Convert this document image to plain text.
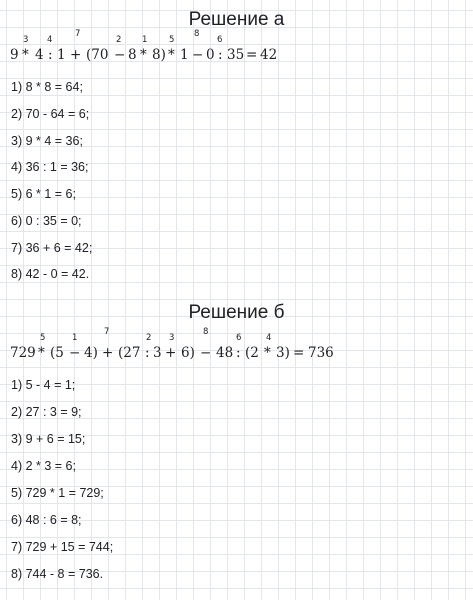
Решение а
9 * 4 : 1 + (70 − 8 * 8) * 1 − 0 : 35 = 42
3 4
7
2 1	5
8
6
1) 8 * 8 = 64;
2) 70 - 64 = 6;
3) 9 * 4 = 36;
4) 36 : 1 = 36;
5) 6 * 1 = 6;
6) 0 : 35 = 0;
7) 36 + 6 = 42;
8) 42 - 0 = 42.
Решение б
729 * (5 − 4) + (27 : 3 + 6) − 48 : (2 * 3) = 736
5	1
7
2 3
8
6	4
1) 5 - 4 = 1;
2) 27 : 3 = 9;
3) 9 + 6 = 15;
4) 2 * 3 = 6;
5) 729 * 1 = 729;
6) 48 : 6 = 8;
7) 729 + 15 = 744;
8) 744 - 8 = 736.
